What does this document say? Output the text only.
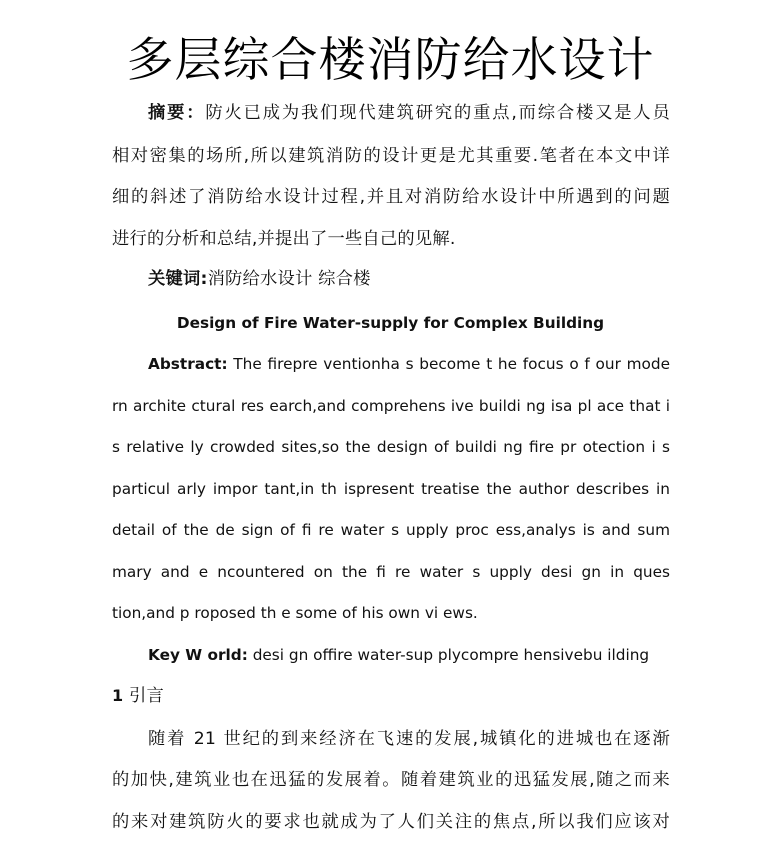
多层综合楼消防给水设计
摘要：防火已成为我们现代建筑研究的重点,而综合楼又是人员
相对密集的场所,所以建筑消防的设计更是尤其重要.笔者在本文中详
细的斜述了消防给水设计过程,并且对消防给水设计中所遇到的问题
进行的分析和总结,并提出了一些自己的见解.
关键词:消防给水设计 综合楼
Design of Fire Water-supply for Complex Building
Abstract: The firepre ventionha s become t he focus o f our mode
rn archite ctural res earch,and comprehens ive buildi ng isa pl ace that i
s relative ly crowded sites,so the design of buildi ng fire pr otection i s
particul arly impor tant,in th ispresent treatise the author describes in
detail of the de sign of fi re water s upply proc ess,analys is and sum
mary and e ncountered on the fi re water s upply desi gn in ques
tion,and p roposed th e some of his own vi ews.
Key W orld: desi gn offire water-sup plycompre hensivebu ilding
1 引言
随着 21 世纪的到来经济在飞速的发展,城镇化的进城也在逐渐
的加快,建筑业也在迅猛的发展着。随着建筑业的迅猛发展,随之而来
的来对建筑防火的要求也就成为了人们关注的焦点,所以我们应该对
